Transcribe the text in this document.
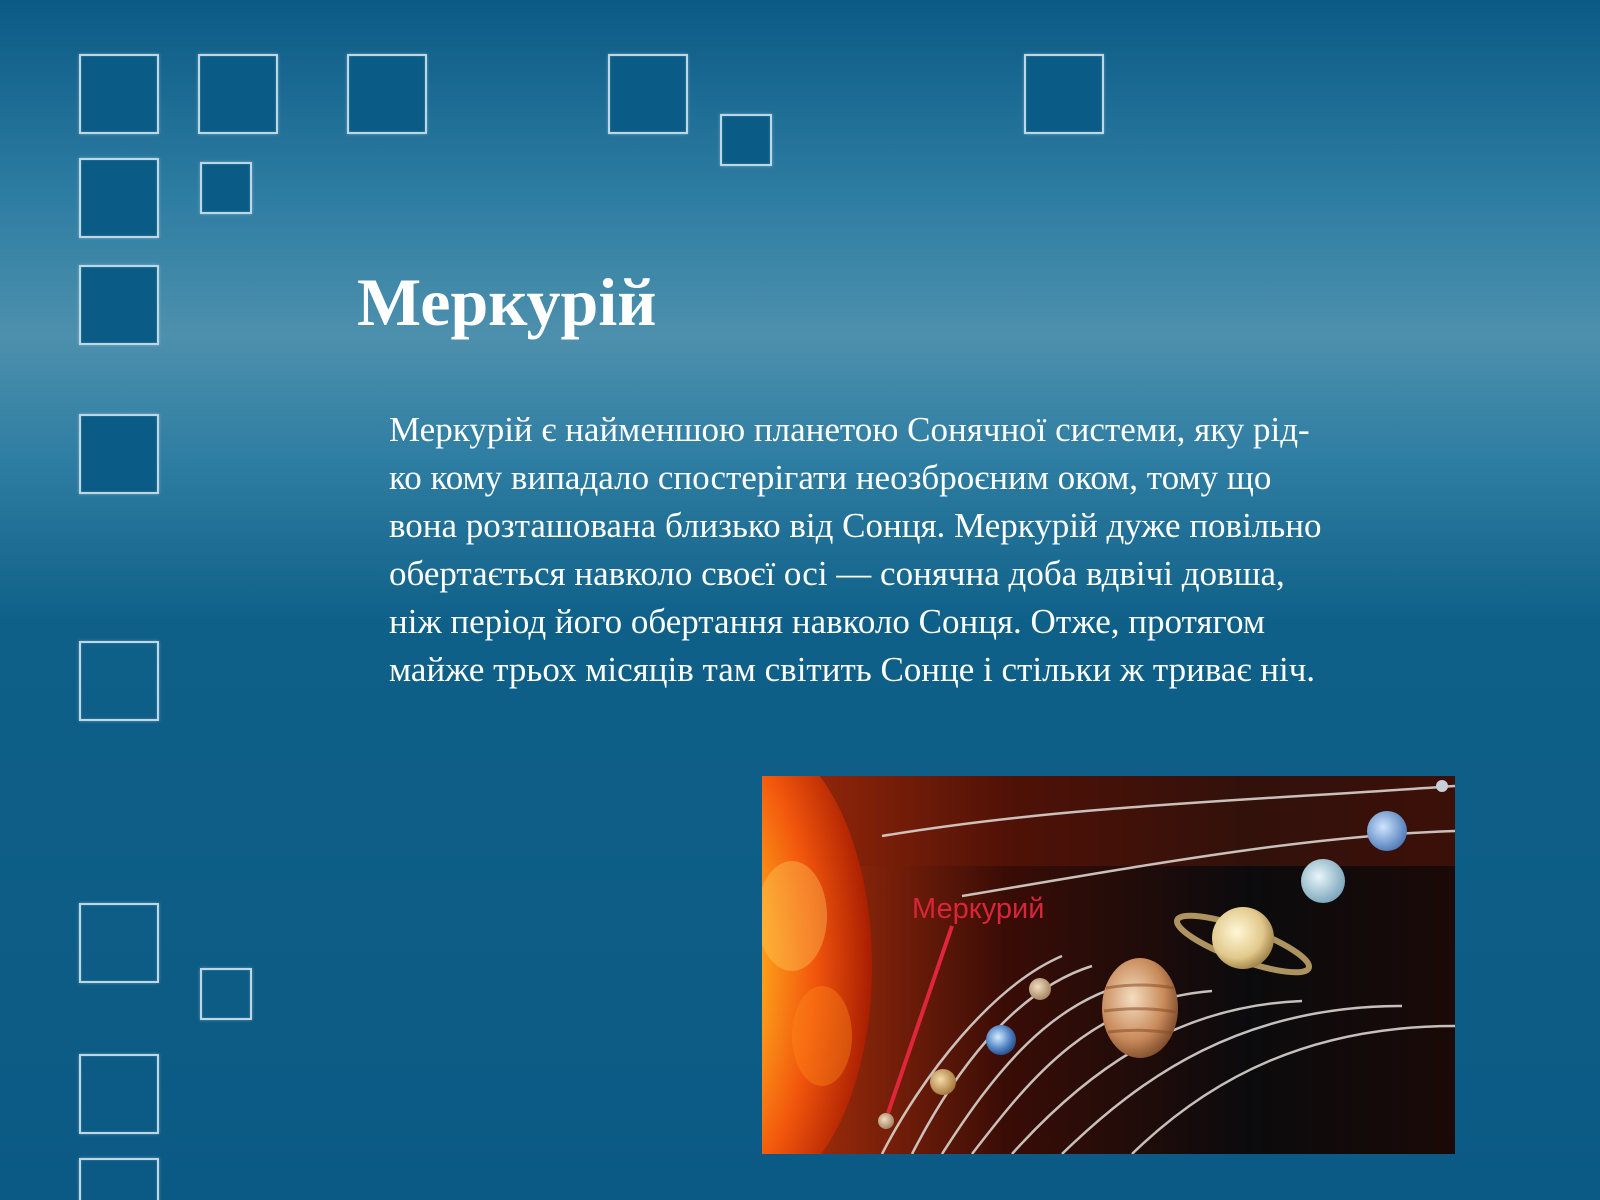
Меркурій
Меркурій є найменшою планетою Сонячної системи, яку рід-
ко кому випадало спостерігати неозброєним оком, тому що
вона розташована близько від Сонця. Меркурій дуже повільно
обертається навколо своєї осі — сонячна доба вдвічі довша,
ніж період його обертання навколо Сонця. Отже, протягом
майже трьох місяців там світить Сонце і стільки ж триває ніч.
Меркурий
